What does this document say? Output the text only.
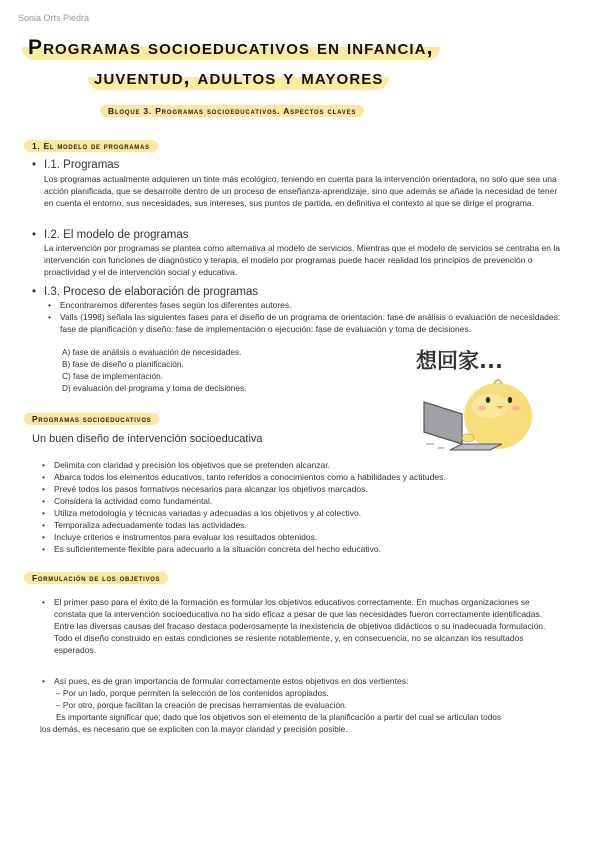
Sonia Orts Piedra
Programas socioeducativos en infancia,
juventud, adultos y mayores
Bloque 3. Programas socioeducativos. Aspectos claves
1. El modelo de programas
• I.1. Programas
Los programas actualmente adquieren un tinte más ecológico, teniendo en cuenta para la intervención orientadora, no solo que sea una acción planificada, que se desarrolle dentro de un proceso de enseñanza-aprendizaje, sino que además se añade la necesidad de tener en cuenta el entorno, sus necesidades, sus intereses, sus puntos de partida, en definitiva el contexto al que se dirige el programa.
• I.2. El modelo de programas
La intervención por programas se plantea como alternativa al modelo de servicios. Mientras que el modelo de servicios se centraba en la intervención con funciones de diagnóstico y terapia, el modelo por programas puede hacer realidad los principios de prevención o proactividad y el de intervención social y educativa.
• I.3. Proceso de elaboración de programas
• Encontraremos diferentes fases según los diferentes autores.
• Valls (1998) señala las siguientes fases para el diseño de un programa de orientación: fase de análisis o evaluación de necesidades: fase de planificación y diseño: fase de implementación o ejecución: fase de evaluación y toma de decisiones.
A) fase de análisis o evaluación de necesidades.
B) fase de diseño o planificación.
C) fase de implementación.
D) evaluación del programa y toma de decisiones.
想回家...
Programas socioeducativos
Un buen diseño de intervención socioeducativa
• Delimita con claridad y precisión los objetivos que se pretenden alcanzar.
• Abarca todos los elementos educativos, tanto referidos a conocimientos como a habilidades y actitudes.
• Prevé todos los pasos formativos necesarios para alcanzar los objetivos marcados.
• Considera la actividad como fundamental.
• Utiliza metodología y técnicas variadas y adecuadas a los objetivos y al colectivo.
• Temporaliza adecuadamente todas las actividades.
• Incluye criterios e instrumentos para evaluar los resultados obtenidos.
• Es suficientemente flexible para adecuarlo a la situación concreta del hecho educativo.
Formulación de los objetivos
• El primer paso para el éxito de la formación es formular los objetivos educativos correctamente. En muchas organizaciones se constata que la intervención socioeducativa no ha sido eficaz a pesar de que las necesidades fueron correctamente identificadas. Entre las diversas causas del fracaso destaca poderosamente la inexistencia de objetivos didácticos o su inadecuada formulación. Todo el diseño construido en estas condiciones se resiente notablemente, y, en consecuencia, no se alcanzan los resultados esperados.
• Así pues, es de gran importancia de formular correctamente estos objetivos en dos vertientes:
– Por un lado, porque permiten la selección de los contenidos apropiados.
– Por otro, porque facilitan la creación de precisas herramientas de evaluación.
Es importante significar que; dado que los objetivos son el elemento de la planificación a partir del cual se articulan todos
los demás, es necesario que se expliciten con la mayor claridad y precisión posible.
